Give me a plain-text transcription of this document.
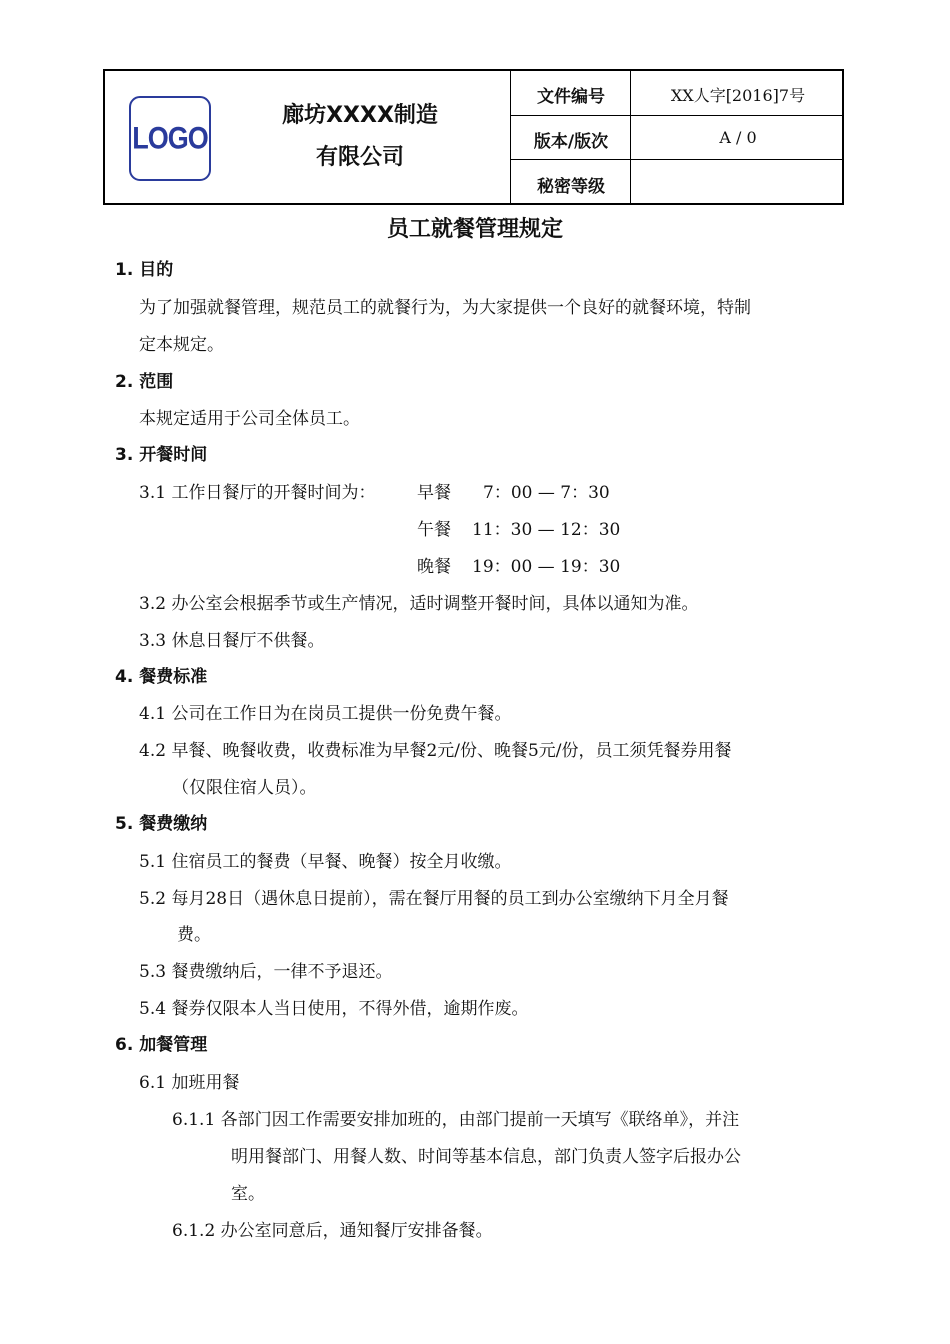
LOGO
廊坊XXXX制造
有限公司
文件编号	XX人字[2016]7号
版本/版次	A / 0
秘密等级
员工就餐管理规定
1. 目的
为了加强就餐管理，规范员工的就餐行为，为大家提供一个良好的就餐环境，特制
定本规定。
2. 范围
本规定适用于公司全体员工。
3. 开餐时间
3.1 工作日餐厅的开餐时间为： 早餐 7：00 — 7：30
午餐 11：30 — 12：30
晚餐 19：00 — 19：30
3.2 办公室会根据季节或生产情况，适时调整开餐时间，具体以通知为准。
3.3 休息日餐厅不供餐。
4. 餐费标准
4.1 公司在工作日为在岗员工提供一份免费午餐。
4.2 早餐、晚餐收费，收费标准为早餐2元/份、晚餐5元/份，员工须凭餐券用餐
（仅限住宿人员）。
5. 餐费缴纳
5.1 住宿员工的餐费（早餐、晚餐）按全月收缴。
5.2 每月28日（遇休息日提前），需在餐厅用餐的员工到办公室缴纳下月全月餐
费。
5.3 餐费缴纳后，一律不予退还。
5.4 餐券仅限本人当日使用，不得外借，逾期作废。
6. 加餐管理
6.1 加班用餐
6.1.1 各部门因工作需要安排加班的，由部门提前一天填写《联络单》，并注
明用餐部门、用餐人数、时间等基本信息，部门负责人签字后报办公
室。
6.1.2 办公室同意后，通知餐厅安排备餐。
